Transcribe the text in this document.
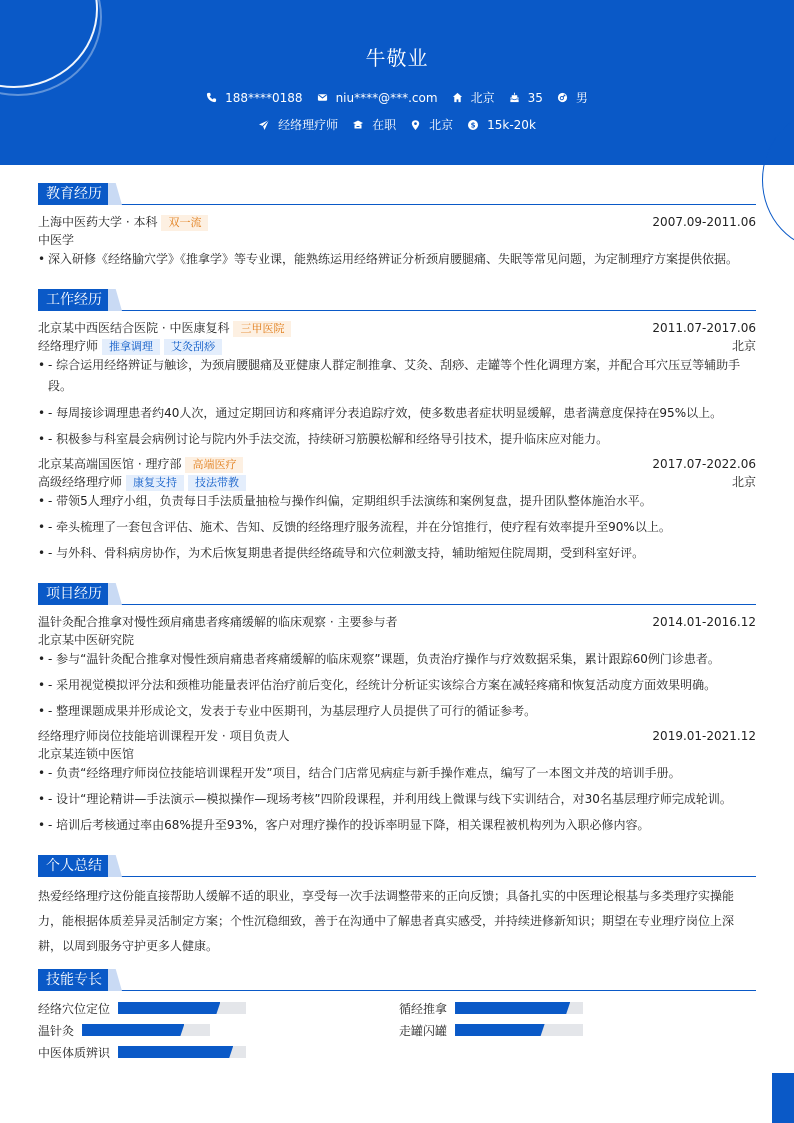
牛敬业
188****0188	niu****@***.com	北京	35	男
经络理疗师	在职	北京	$ 15k-20k
教育经历
上海中医药大学 · 本科 双一流	2007.09-2011.06
中医学
• 深入研修《经络腧穴学》《推拿学》等专业课，能熟练运用经络辨证分析颈肩腰腿痛、失眠等常见问题，为定制理疗方案提供依据。
工作经历
北京某中西医结合医院 · 中医康复科 三甲医院	2011.07-2017.06
经络理疗师 推拿调理 艾灸刮痧	北京
• - 综合运用经络辨证与触诊，为颈肩腰腿痛及亚健康人群定制推拿、艾灸、刮痧、走罐等个性化调理方案，并配合耳穴压豆等辅助手段。
• - 每周接诊调理患者约40人次，通过定期回访和疼痛评分表追踪疗效，使多数患者症状明显缓解，患者满意度保持在95%以上。
• - 积极参与科室晨会病例讨论与院内外手法交流，持续研习筋膜松解和经络导引技术，提升临床应对能力。
北京某高端国医馆 · 理疗部 高端医疗	2017.07-2022.06
高级经络理疗师 康复支持 技法带教	北京
• - 带领5人理疗小组，负责每日手法质量抽检与操作纠偏，定期组织手法演练和案例复盘，提升团队整体施治水平。
• - 牵头梳理了一套包含评估、施术、告知、反馈的经络理疗服务流程，并在分馆推行，使疗程有效率提升至90%以上。
• - 与外科、骨科病房协作，为术后恢复期患者提供经络疏导和穴位刺激支持，辅助缩短住院周期，受到科室好评。
项目经历
温针灸配合推拿对慢性颈肩痛患者疼痛缓解的临床观察 · 主要参与者	2014.01-2016.12
北京某中医研究院
• - 参与“温针灸配合推拿对慢性颈肩痛患者疼痛缓解的临床观察”课题，负责治疗操作与疗效数据采集，累计跟踪60例门诊患者。
• - 采用视觉模拟评分法和颈椎功能量表评估治疗前后变化，经统计分析证实该综合方案在减轻疼痛和恢复活动度方面效果明确。
• - 整理课题成果并形成论文，发表于专业中医期刊，为基层理疗人员提供了可行的循证参考。
经络理疗师岗位技能培训课程开发 · 项目负责人	2019.01-2021.12
北京某连锁中医馆
• - 负责“经络理疗师岗位技能培训课程开发”项目，结合门店常见病症与新手操作难点，编写了一本图文并茂的培训手册。
• - 设计“理论精讲—手法演示—模拟操作—现场考核”四阶段课程，并利用线上微课与线下实训结合，对30名基层理疗师完成轮训。
• - 培训后考核通过率由68%提升至93%，客户对理疗操作的投诉率明显下降，相关课程被机构列为入职必修内容。
个人总结
热爱经络理疗这份能直接帮助人缓解不适的职业，享受每一次手法调整带来的正向反馈；具备扎实的中医理论根基与多类理疗实操能力，能根据体质差异灵活制定方案；个性沉稳细致，善于在沟通中了解患者真实感受，并持续进修新知识；期望在专业理疗岗位上深耕，以周到服务守护更多人健康。
技能专长
经络穴位定位	循经推拿
温针灸	走罐闪罐
中医体质辨识
